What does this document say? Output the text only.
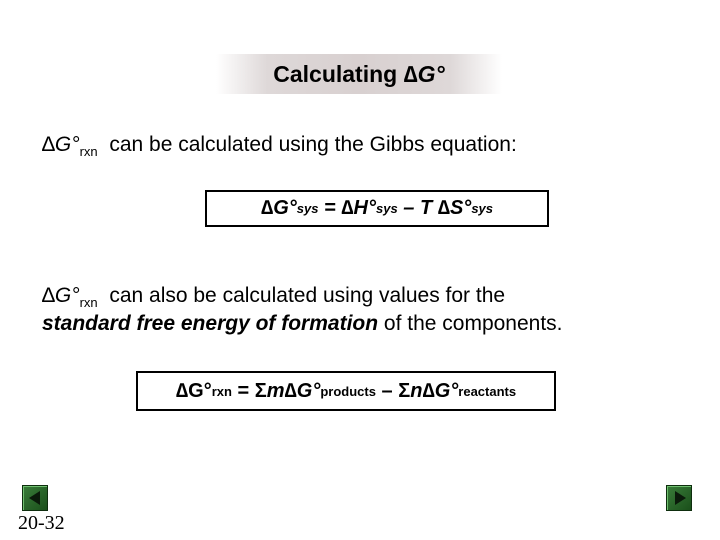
Calculating ∆G°
$\Delta G^\circ_{rxn}$ can be calculated using the Gibbs equation:
∆ G° sys = ∆ H° sys – T ∆ S° sys
$\Delta G^\circ_{rxn}$ can also be calculated using values for the
standard free energy of formation of the components.
∆ G° rxn = Σ m ∆ G° products – Σ n ∆ G° reactants
20-32
